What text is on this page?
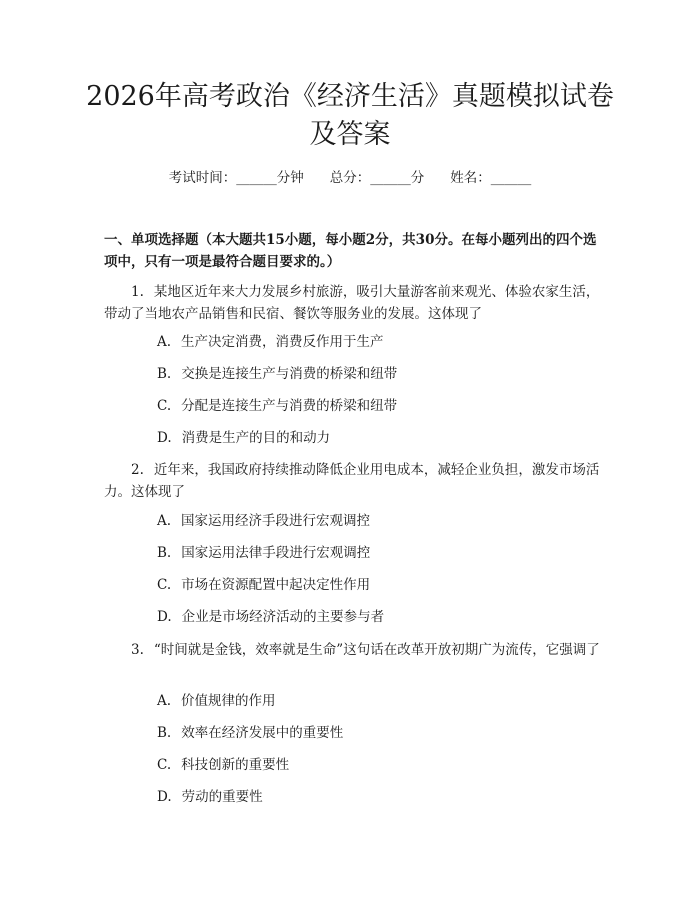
2026年高考政治《经济生活》真题模拟试卷
及答案
考试时间：______分钟 总分：______分 姓名：______
一、单项选择题（本大题共15小题，每小题2分，共30分。在每小题列出的四个选项中，只有一项是最符合题目要求的。）

1. 某地区近年来大力发展乡村旅游，吸引大量游客前来观光、体验农家生活，带动了当地农产品销售和民宿、餐饮等服务业的发展。这体现了

A. 生产决定消费，消费反作用于生产
B. 交换是连接生产与消费的桥梁和纽带
C. 分配是连接生产与消费的桥梁和纽带
D. 消费是生产的目的和动力

2. 近年来，我国政府持续推动降低企业用电成本，减轻企业负担，激发市场活力。这体现了

A. 国家运用经济手段进行宏观调控
B. 国家运用法律手段进行宏观调控
C. 市场在资源配置中起决定性作用
D. 企业是市场经济活动的主要参与者

3. “时间就是金钱，效率就是生命”这句话在改革开放初期广为流传，它强调了

A. 价值规律的作用
B. 效率在经济发展中的重要性
C. 科技创新的重要性
D. 劳动的重要性
